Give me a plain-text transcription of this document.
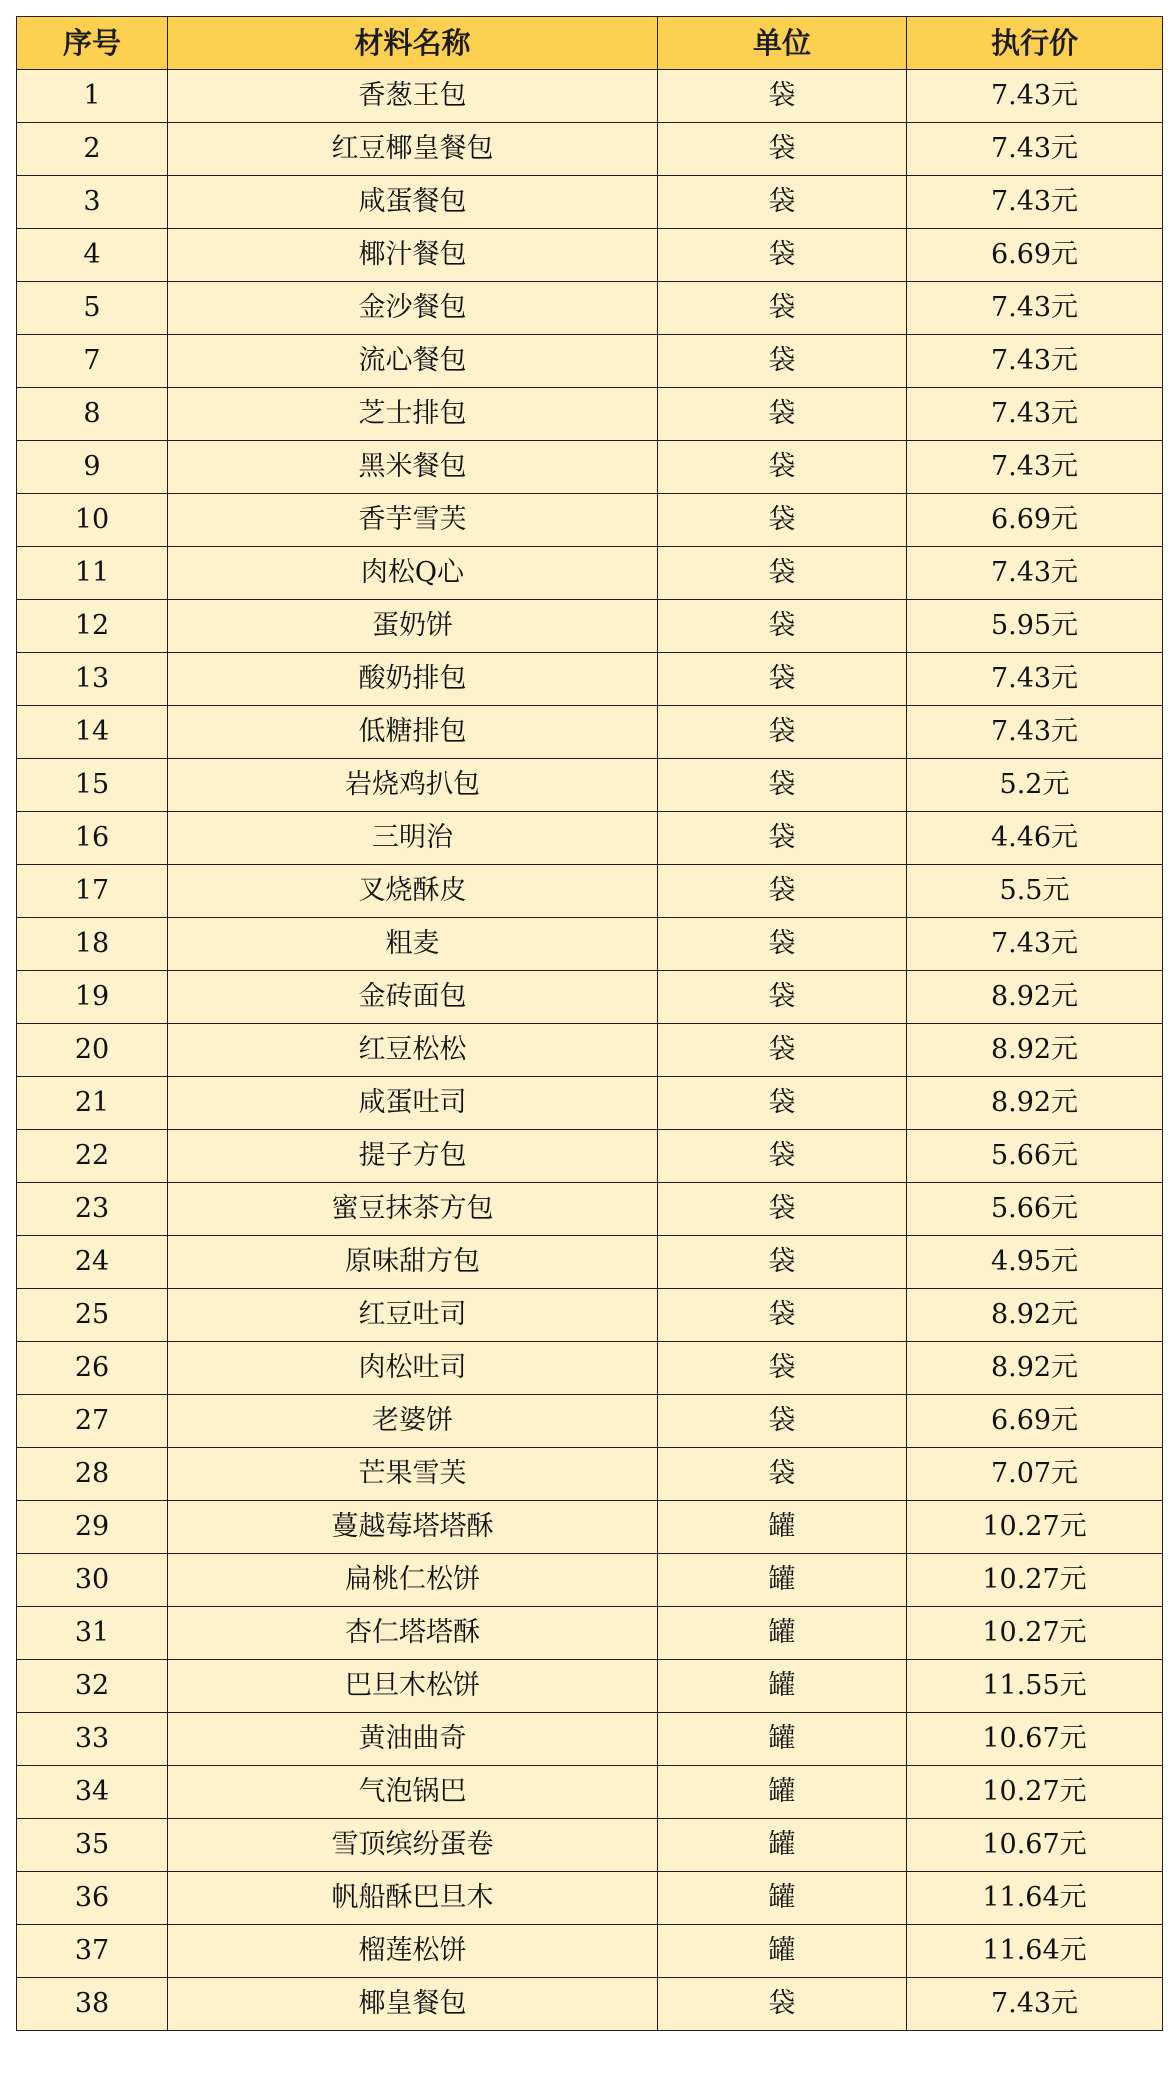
序号	材料名称	单位	执行价
1	香葱王包	袋	7.43元
2	红豆椰皇餐包	袋	7.43元
3	咸蛋餐包	袋	7.43元
4	椰汁餐包	袋	6.69元
5	金沙餐包	袋	7.43元
7	流心餐包	袋	7.43元
8	芝士排包	袋	7.43元
9	黑米餐包	袋	7.43元
10	香芋雪芙	袋	6.69元
11	肉松Q心	袋	7.43元
12	蛋奶饼	袋	5.95元
13	酸奶排包	袋	7.43元
14	低糖排包	袋	7.43元
15	岩烧鸡扒包	袋	5.2元
16	三明治	袋	4.46元
17	叉烧酥皮	袋	5.5元
18	粗麦	袋	7.43元
19	金砖面包	袋	8.92元
20	红豆松松	袋	8.92元
21	咸蛋吐司	袋	8.92元
22	提子方包	袋	5.66元
23	蜜豆抹茶方包	袋	5.66元
24	原味甜方包	袋	4.95元
25	红豆吐司	袋	8.92元
26	肉松吐司	袋	8.92元
27	老婆饼	袋	6.69元
28	芒果雪芙	袋	7.07元
29	蔓越莓塔塔酥	罐	10.27元
30	扁桃仁松饼	罐	10.27元
31	杏仁塔塔酥	罐	10.27元
32	巴旦木松饼	罐	11.55元
33	黄油曲奇	罐	10.67元
34	气泡锅巴	罐	10.27元
35	雪顶缤纷蛋卷	罐	10.67元
36	帆船酥巴旦木	罐	11.64元
37	榴莲松饼	罐	11.64元
38	椰皇餐包	袋	7.43元
